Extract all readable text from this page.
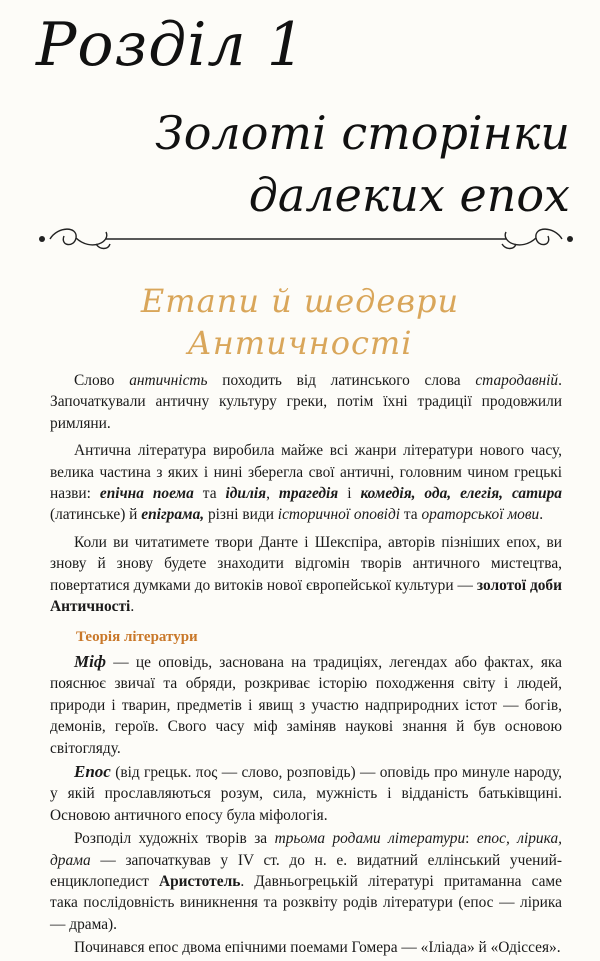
Розділ 1
Золоті сторінки
далеких епох
Етапи й шедеври
Античності

Слово античність походить від латинського слова стародавній. Започаткували античну культуру греки, потім їхні традиції продовжили римляни.

Антична література виробила майже всі жанри літератури нового часу, велика частина з яких і нині зберегла свої античні, головним чином грецькі назви: епічна поема та ідилія, трагедія і комедія, ода, елегія, сатира (латинське) й епіграма, різні види історичної оповіді та ораторської мови.

Коли ви читатимете твори Данте і Шекспіра, авторів пізніших епох, ви знову й знову будете знаходити відгомін творів античного мистецтва, повертатися думками до витоків нової європейської культури — золотої доби Античності.

Теорія літератури

Міф — це оповідь, заснована на традиціях, легендах або фактах, яка пояснює звичаї та обряди, розкриває історію походження світу і людей, природи і тварин, предметів і явищ з участю надприродних істот — богів, демонів, героїв. Свого часу міф заміняв наукові знання й був основою світогляду.

Епос (від грецьк. πος — слово, розповідь) — оповідь про минуле народу, у якій прославляються розум, сила, мужність і відданість батьківщині. Основою античного епосу була міфологія.

Розподіл художніх творів за трьома родами літератури: епос, лірика, драма — започаткував у IV ст. до н. е. видатний еллінський учений-енциклопедист Аристотель. Давньогрецькій літературі притаманна саме така послідовність виникнення та розквіту родів літератури (епос — лірика — драма).

Починався епос двома епічними поемами Гомера — «Іліада» й «Одіссея».
